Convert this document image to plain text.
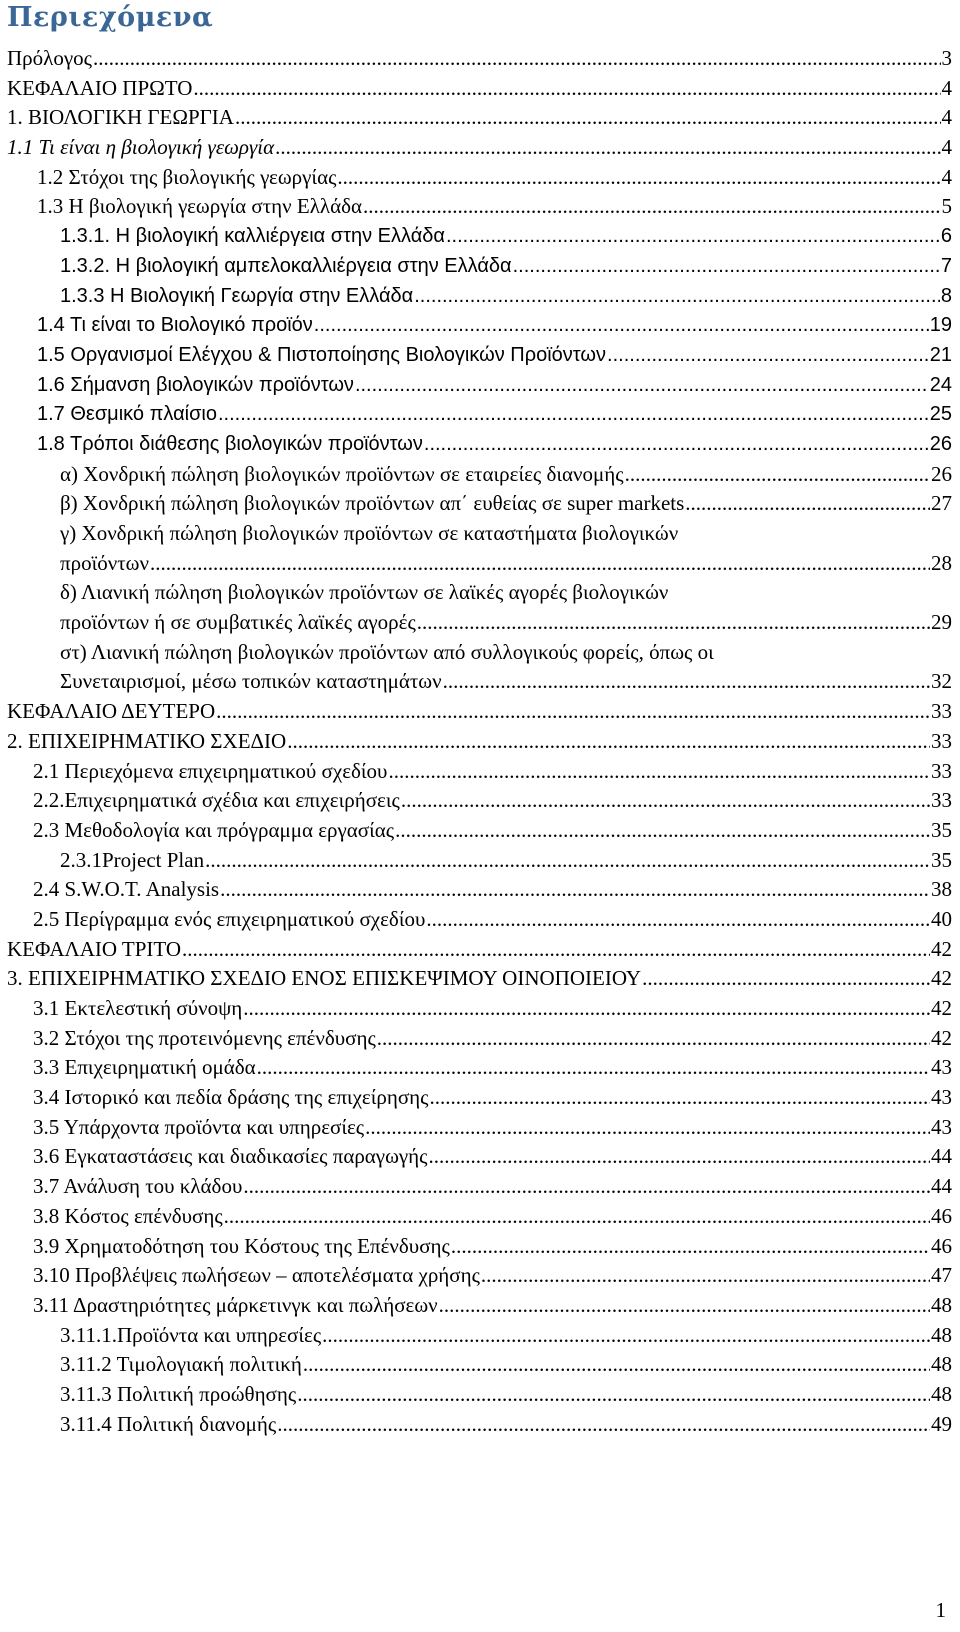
Περιεχόμενα
Πρόλογος .....	3
ΚΕΦΑΛΑΙΟ ΠΡΩΤΟ .....	4
1. ΒΙΟΛΟΓΙΚΗ ΓΕΩΡΓΙΑ .....	4
1.1 Τι είναι η βιολογική γεωργία .....	4
1.2 Στόχοι της βιολογικής γεωργίας .....	4
1.3 Η βιολογική γεωργία στην Ελλάδα .....	5
1.3.1. Η βιολογική καλλιέργεια στην Ελλάδα .....	6
1.3.2. Η βιολογική αμπελοκαλλιέργεια στην Ελλάδα .....	7
1.3.3 Η Βιολογική Γεωργία στην Ελλάδα .....	8
1.4 Τι είναι το Βιολογικό προϊόν .....	19
1.5 Οργανισμοί Ελέγχου & Πιστοποίησης Βιολογικών Προϊόντων .....	21
1.6 Σήμανση βιολογικών προϊόντων .....	24
1.7 Θεσμικό πλαίσιο .....	25
1.8 Τρόποι διάθεσης βιολογικών προϊόντων .....	26
α) Χονδρική πώληση βιολογικών προϊόντων σε εταιρείες διανομής .....	26
β) Χονδρική πώληση βιολογικών προϊόντων απ΄ ευθείας σε super markets .....	27
γ) Χονδρική πώληση βιολογικών προϊόντων σε καταστήματα βιολογικών
προϊόντων .....	28
δ) Λιανική πώληση βιολογικών προϊόντων σε λαϊκές αγορές βιολογικών
προϊόντων ή σε συμβατικές λαϊκές αγορές .....	29
στ) Λιανική πώληση βιολογικών προϊόντων από συλλογικούς φορείς, όπως οι
Συνεταιρισμοί, μέσω τοπικών καταστημάτων .....	32
ΚΕΦΑΛΑΙΟ ΔΕΥΤΕΡΟ .....	33
2. ΕΠΙΧΕΙΡΗΜΑΤΙΚΟ ΣΧΕΔΙΟ .....	33
2.1 Περιεχόμενα επιχειρηματικού σχεδίου .....	33
2.2.Επιχειρηματικά σχέδια και επιχειρήσεις .....	33
2.3 Μεθοδολογία και πρόγραμμα εργασίας .....	35
2.3.1Project Plan .....	35
2.4 S.W.O.T. Analysis .....	38
2.5 Περίγραμμα ενός επιχειρηματικού σχεδίου .....	40
ΚΕΦΑΛΑΙΟ ΤΡΙΤΟ .....	42
3. ΕΠΙΧΕΙΡΗΜΑΤΙΚΟ ΣΧΕΔΙΟ ΕΝΟΣ ΕΠΙΣΚΕΨΙΜΟΥ ΟΙΝΟΠΟΙΕΙΟΥ .....	42
3.1 Εκτελεστική σύνοψη .....	42
3.2 Στόχοι της προτεινόμενης επένδυσης .....	42
3.3 Επιχειρηματική ομάδα .....	43
3.4 Ιστορικό και πεδία δράσης της επιχείρησης .....	43
3.5 Υπάρχοντα προϊόντα και υπηρεσίες .....	43
3.6 Εγκαταστάσεις και διαδικασίες παραγωγής .....	44
3.7 Ανάλυση του κλάδου .....	44
3.8 Κόστος επένδυσης .....	46
3.9 Χρηματοδότηση του Κόστους της Επένδυσης .....	46
3.10 Προβλέψεις πωλήσεων – αποτελέσματα χρήσης .....	47
3.11 Δραστηριότητες μάρκετινγκ και πωλήσεων .....	48
3.11.1.Προϊόντα και υπηρεσίες .....	48
3.11.2 Τιμολογιακή πολιτική .....	48
3.11.3 Πολιτική προώθησης .....	48
3.11.4 Πολιτική διανομής .....	49
1
